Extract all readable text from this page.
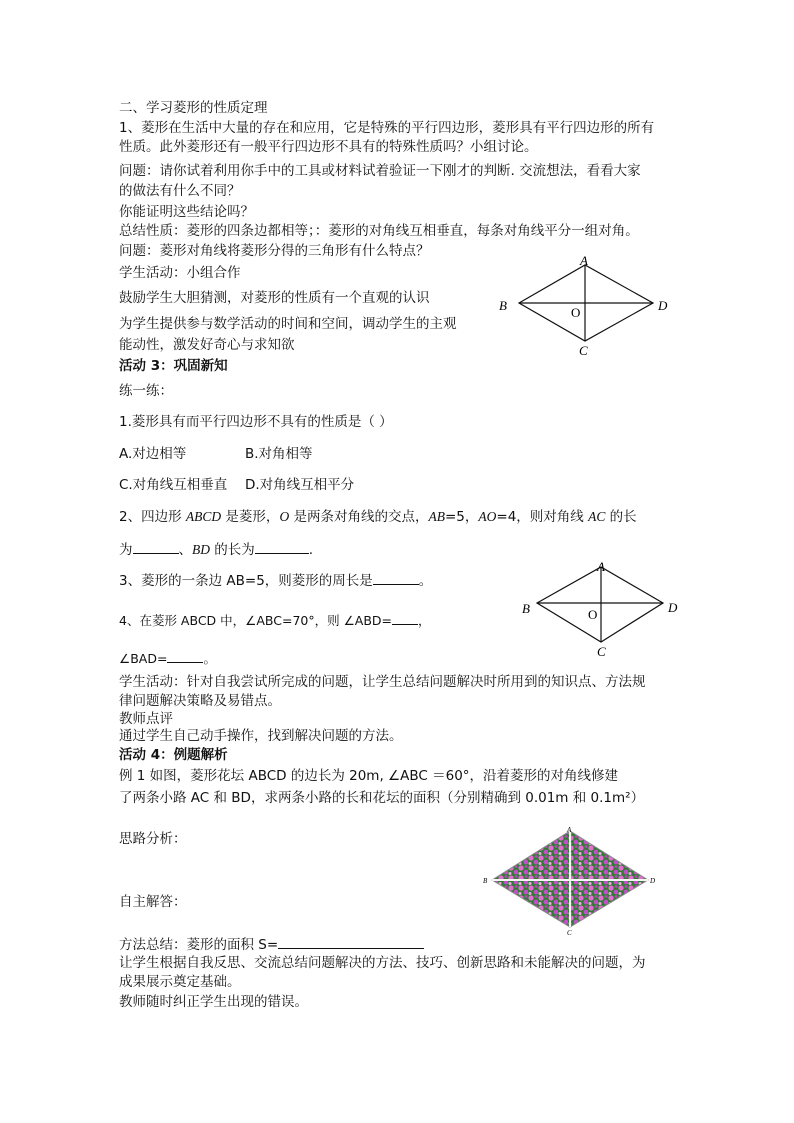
二、学习菱形的性质定理
1、菱形在生活中大量的存在和应用，它是特殊的平行四边形，菱形具有平行四边形的所有
性质。此外菱形还有一般平行四边形不具有的特殊性质吗？小组讨论。
问题：请你试着利用你手中的工具或材料试着验证一下刚才的判断. 交流想法，看看大家
的做法有什么不同？
你能证明这些结论吗？
总结性质：菱形的四条边都相等；：菱形的对角线互相垂直，每条对角线平分一组对角。
问题：菱形对角线将菱形分得的三角形有什么特点？
学生活动：小组合作
鼓励学生大胆猜测，对菱形的性质有一个直观的认识
为学生提供参与数学活动的时间和空间，调动学生的主观
能动性，激发好奇心与求知欲
A
B
C
D
O
活动 3：巩固新知
练一练：
1.菱形具有而平行四边形不具有的性质是（ ）
A.对边相等	B.对角相等
C.对角线互相垂直 D.对角线互相平分
2、四边形 ABCD 是菱形，O 是两条对角线的交点，AB=5，AO=4，则对角线 AC 的长
为	、BD 的长为	.
3、菱形的一条边 AB=5，则菱形的周长是	。
4、在菱形 ABCD 中，∠ABC=70°，则 ∠ABD= ，
∠BAD=	。
A
B
C
D
O
学生活动：针对自我尝试所完成的问题，让学生总结问题解决时所用到的知识点、方法规
律问题解决策略及易错点。
教师点评
通过学生自己动手操作，找到解决问题的方法。
活动 4：例题解析
例 1 如图，菱形花坛 ABCD 的边长为 20m, ∠ABC ＝60°，沿着菱形的对角线修建
了两条小路 AC 和 BD，求两条小路的长和花坛的面积（分别精确到 0.01m 和 0.1m²）
思路分析：
自主解答：
方法总结：菱形的面积 S=
让学生根据自我反思、交流总结问题解决的方法、技巧、创新思路和未能解决的问题，为
成果展示奠定基础。
教师随时纠正学生出现的错误。
A
B
C
D
